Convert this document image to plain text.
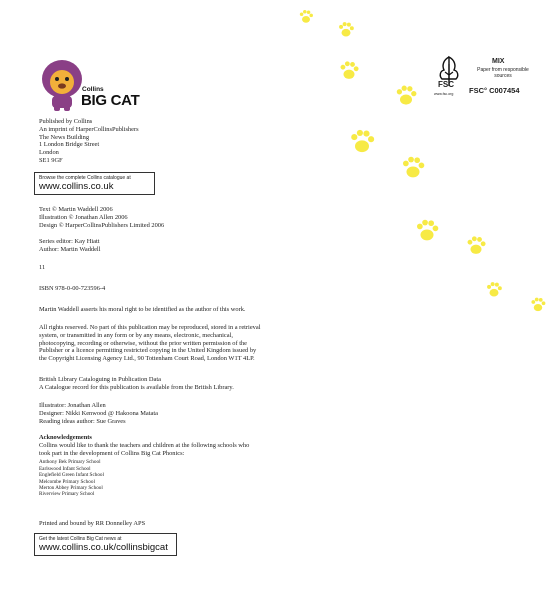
Collins
BIG CAT
FSC
www.fsc.org
MIX
Paper from responsible sources
FSC° C007454

Published by Collins

An imprint of HarperCollinsPublishers

The News Building

1 London Bridge Street

London

SE1 9GF

Browse the complete Collins catalogue at
www.collins.co.uk

Text © Martin Waddell 2006

Illustration © Jonathan Allen 2006

Design © HarperCollinsPublishers Limited 2006

Series editor: Kay Hiatt

Author: Martin Waddell

11
ISBN 978-0-00-723596-4
Martin Waddell asserts his moral right to be identified as the author of this work.

All rights reserved. No part of this publication may be reproduced, stored in a retrieval

system, or transmitted in any form or by any means, electronic, mechanical,

photocopying, recording or otherwise, without the prior written permission of the

Publisher or a licence permitting restricted copying in the United Kingdom issued by

the Copyright Licensing Agency Ltd., 90 Tottenham Court Road, London W1T 4LP.

British Library Cataloguing in Publication Data

A Catalogue record for this publication is available from the British Library.

Illustrator: Jonathan Allen

Designer: Nikki Kenwood @ Hakoona Matata

Reading ideas author: Sue Graves

Acknowledgements

Collins would like to thank the teachers and children at the following schools who

took part in the development of Collins Big Cat Phonics:

Anthony Bek Primary School

Earlswood Infant School

Englefield Green Infant School

Melcombe Primary School

Merton Abbey Primary School

Riverview Primary School

Printed and bound by RR Donnelley APS
Get the latest Collins Big Cat news at
www.collins.co.uk/collinsbigcat
